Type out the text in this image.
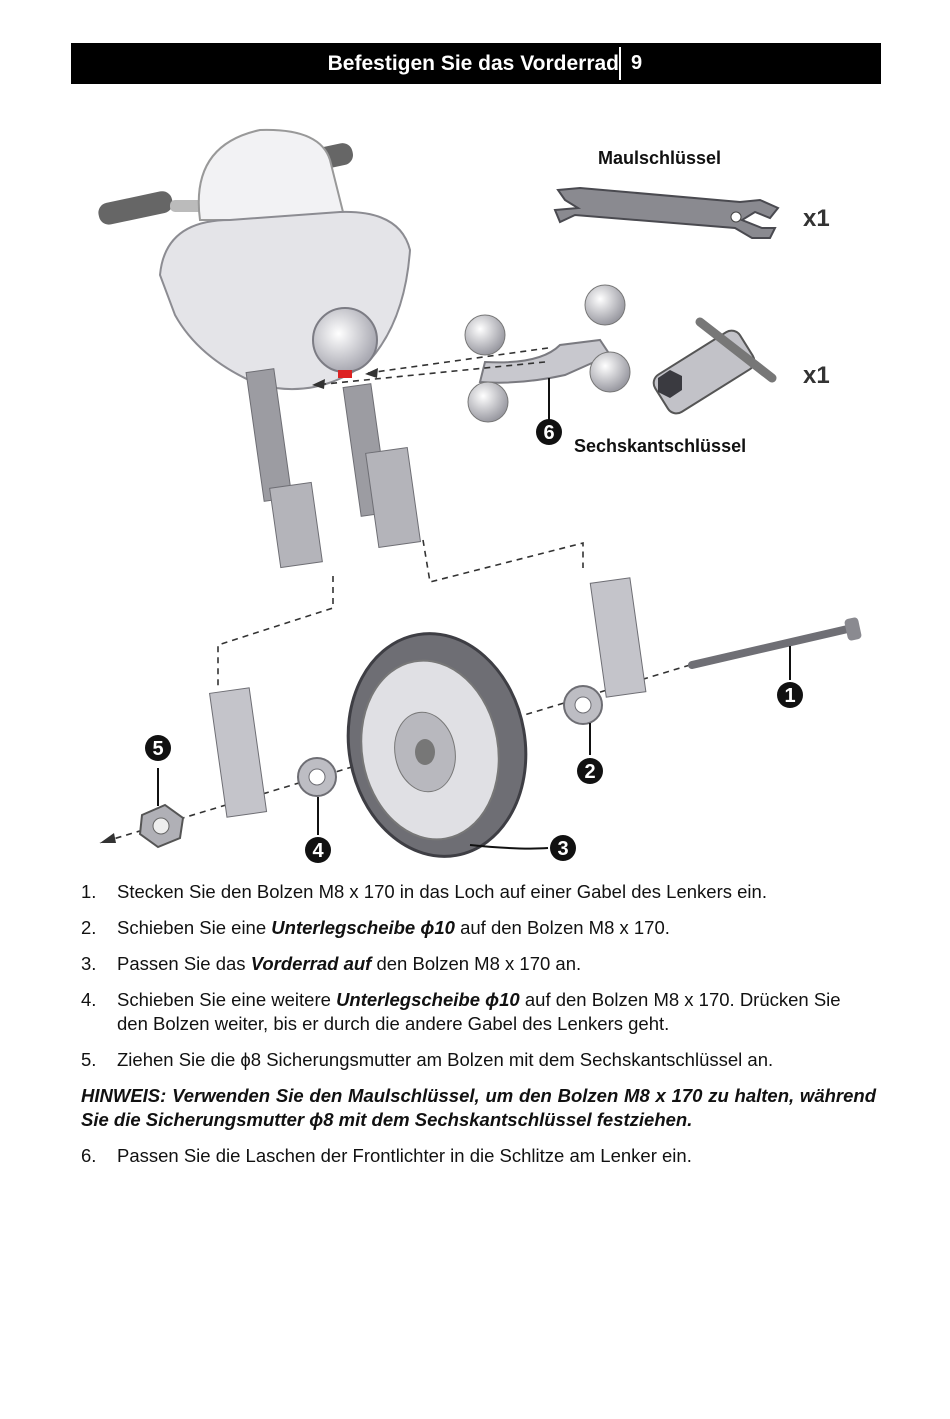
Befestigen Sie das Vorderrad 9
1
2
3
4
5
6
Maulschlüssel
x1
Sechskantschlüssel
x1
1. Stecken Sie den Bolzen M8 x 170 in das Loch auf einer Gabel des Lenkers ein.
2. Schieben Sie eine Unterlegscheibe ϕ10 auf den Bolzen M8 x 170.
3. Passen Sie das Vorderrad auf den Bolzen M8 x 170 an.
4. Schieben Sie eine weitere Unterlegscheibe ϕ10 auf den Bolzen M8 x 170. Drücken Sie den Bolzen weiter, bis er durch die andere Gabel des Lenkers geht.
5. Ziehen Sie die ϕ8 Sicherungsmutter am Bolzen mit dem Sechskantschlüssel an.
HINWEIS: Verwenden Sie den Maulschlüssel, um den Bolzen M8 x 170 zu halten, während Sie die Sicherungsmutter ϕ8 mit dem Sechskantschlüssel festziehen.
6. Passen Sie die Laschen der Frontlichter in die Schlitze am Lenker ein.
